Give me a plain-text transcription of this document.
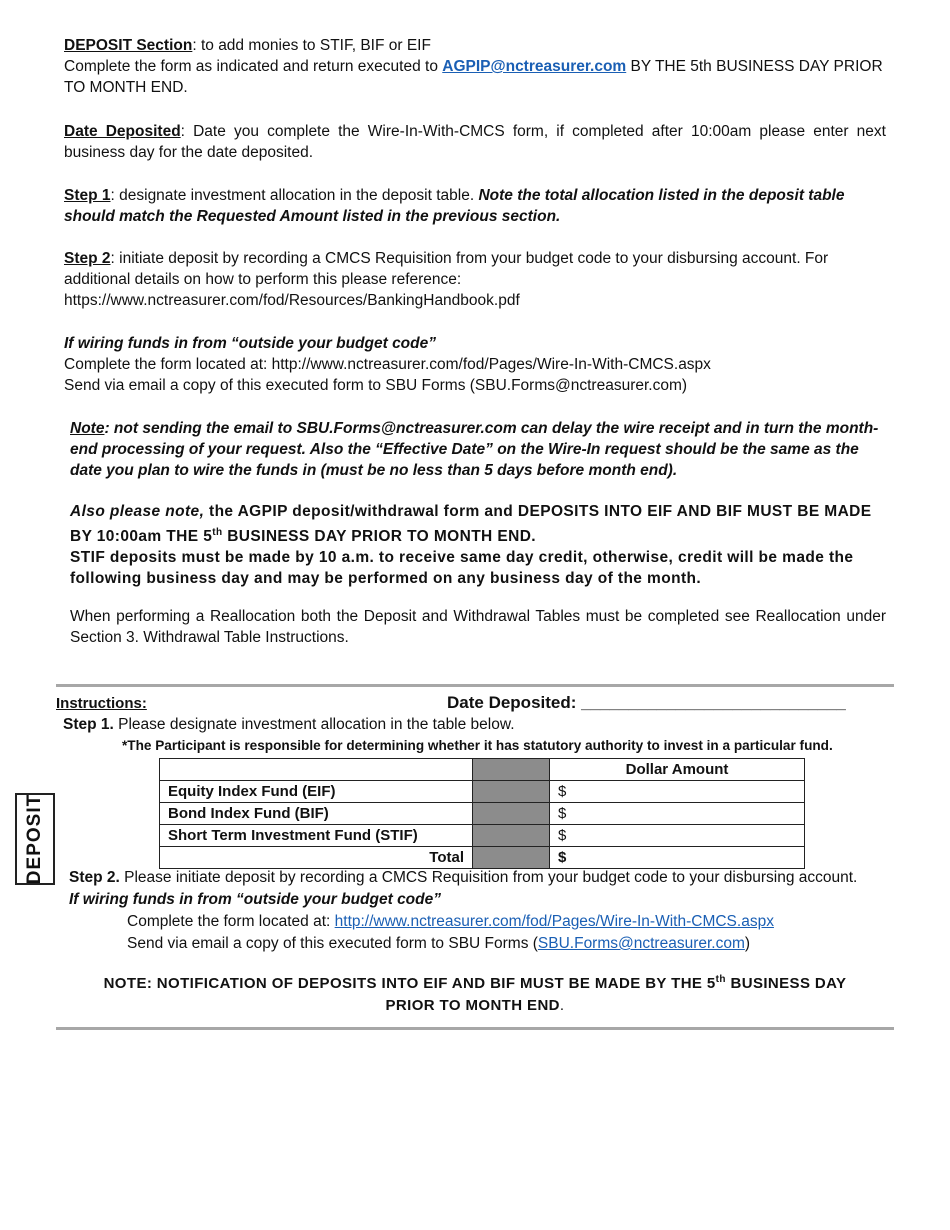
DEPOSIT Section: to add monies to STIF, BIF or EIF
Complete the form as indicated and return executed to AGPIP@nctreasurer.com BY THE 5th BUSINESS DAY PRIOR TO MONTH END.
Date Deposited: Date you complete the Wire-In-With-CMCS form, if completed after 10:00am please enter next business day for the date deposited.
Step 1: designate investment allocation in the deposit table. Note the total allocation listed in the deposit table should match the Requested Amount listed in the previous section.
Step 2: initiate deposit by recording a CMCS Requisition from your budget code to your disbursing account. For additional details on how to perform this please reference:
https://www.nctreasurer.com/fod/Resources/BankingHandbook.pdf
If wiring funds in from “outside your budget code”
Complete the form located at: http://www.nctreasurer.com/fod/Pages/Wire-In-With-CMCS.aspx
Send via email a copy of this executed form to SBU Forms (SBU.Forms@nctreasurer.com)
Note: not sending the email to SBU.Forms@nctreasurer.com can delay the wire receipt and in turn the month-end processing of your request. Also the “Effective Date” on the Wire-In request should be the same as the date you plan to wire the funds in (must be no less than 5 days before month end).
Also please note, the AGPIP deposit/withdrawal form and DEPOSITS INTO EIF AND BIF MUST BE MADE BY 10:00am THE 5th BUSINESS DAY PRIOR TO MONTH END.
STIF deposits must be made by 10 a.m. to receive same day credit, otherwise, credit will be made the following business day and may be performed on any business day of the month.
When performing a Reallocation both the Deposit and Withdrawal Tables must be completed see Reallocation under Section 3. Withdrawal Table Instructions.
Instructions:	Date Deposited: ____________________________
Step 1. Please designate investment allocation in the table below.
*The Participant is responsible for determining whether it has statutory authority to invest in a particular fund.
DEPOSIT
		Dollar Amount
Equity Index Fund (EIF)		$
Bond Index Fund (BIF)		$
Short Term Investment Fund (STIF)		$
Total		$
Step 2. Please initiate deposit by recording a CMCS Requisition from your budget code to your disbursing account.
If wiring funds in from “outside your budget code”
Complete the form located at: http://www.nctreasurer.com/fod/Pages/Wire-In-With-CMCS.aspx
Send via email a copy of this executed form to SBU Forms (SBU.Forms@nctreasurer.com)
NOTE: NOTIFICATION OF DEPOSITS INTO EIF AND BIF MUST BE MADE BY THE 5th BUSINESS DAY PRIOR TO MONTH END.
